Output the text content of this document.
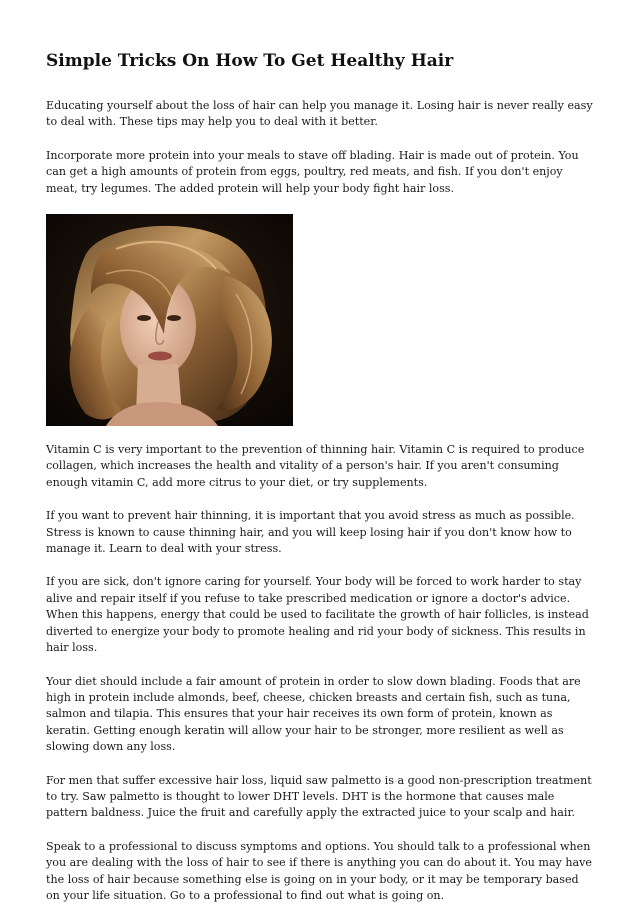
Simple Tricks On How To Get Healthy Hair

Educating yourself about the loss of hair can help you manage it. Losing hair is never really easy to deal with. These tips may help you to deal with it better.

Incorporate more protein into your meals to stave off blading. Hair is made out of protein. You can get a high amounts of protein from eggs, poultry, red meats, and fish. If you don't enjoy meat, try legumes. The added protein will help your body fight hair loss.

Vitamin C is very important to the prevention of thinning hair. Vitamin C is required to produce collagen, which increases the health and vitality of a person's hair. If you aren't consuming enough vitamin C, add more citrus to your diet, or try supplements.

If you want to prevent hair thinning, it is important that you avoid stress as much as possible. Stress is known to cause thinning hair, and you will keep losing hair if you don't know how to manage it. Learn to deal with your stress.

If you are sick, don't ignore caring for yourself. Your body will be forced to work harder to stay alive and repair itself if you refuse to take prescribed medication or ignore a doctor's advice. When this happens, energy that could be used to facilitate the growth of hair follicles, is instead diverted to energize your body to promote healing and rid your body of sickness. This results in hair loss.

Your diet should include a fair amount of protein in order to slow down blading. Foods that are high in protein include almonds, beef, cheese, chicken breasts and certain fish, such as tuna, salmon and tilapia. This ensures that your hair receives its own form of protein, known as keratin. Getting enough keratin will allow your hair to be stronger, more resilient as well as slowing down any loss.

For men that suffer excessive hair loss, liquid saw palmetto is a good non-prescription treatment to try. Saw palmetto is thought to lower DHT levels. DHT is the hormone that causes male pattern baldness. Juice the fruit and carefully apply the extracted juice to your scalp and hair.

Speak to a professional to discuss symptoms and options. You should talk to a professional when you are dealing with the loss of hair to see if there is anything you can do about it. You may have the loss of hair because something else is going on in your body, or it may be temporary based on your life situation. Go to a professional to find out what is going on.
